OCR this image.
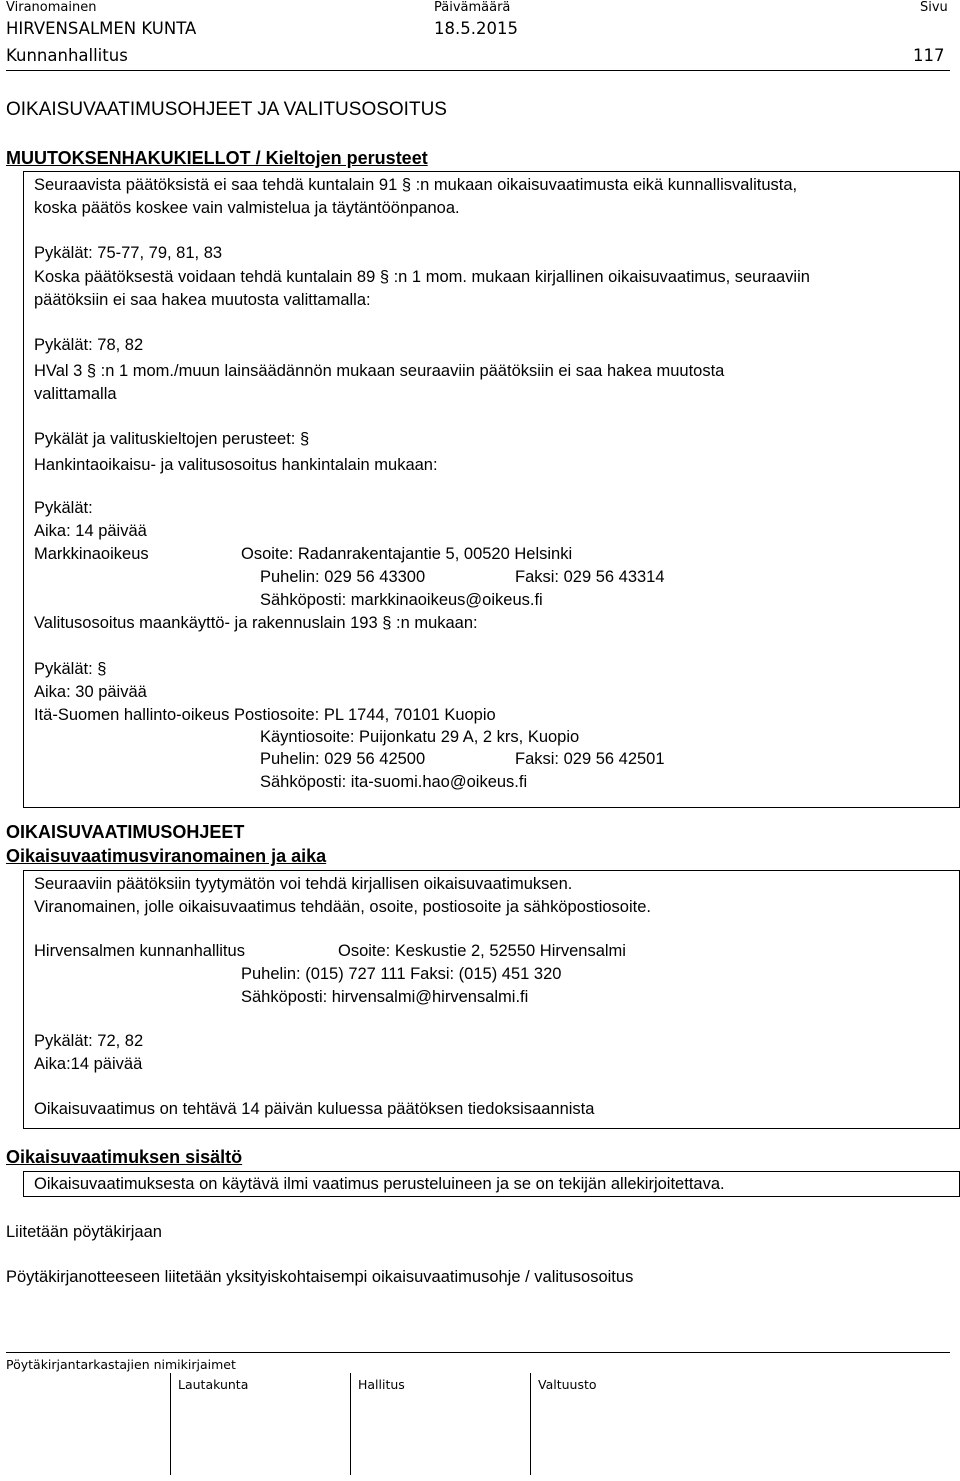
Viranomainen	Päivämäärä	Sivu
HIRVENSALMEN KUNTA	18.5.2015
Kunnanhallitus	117
OIKAISUVAATIMUSOHJEET JA VALITUSOSOITUS
MUUTOKSENHAKUKIELLOT / Kieltojen perusteet
Seuraavista päätöksistä ei saa tehdä kuntalain 91 § :n mukaan oikaisuvaatimusta eikä kunnallisvalitusta,
koska päätös koskee vain valmistelua ja täytäntöönpanoa.
Pykälät: 75-77, 79, 81, 83
Koska päätöksestä voidaan tehdä kuntalain 89 § :n 1 mom. mukaan kirjallinen oikaisuvaatimus, seuraaviin
päätöksiin ei saa hakea muutosta valittamalla:
Pykälät: 78, 82
HVal 3 § :n 1 mom./muun lainsäädännön mukaan seuraaviin päätöksiin ei saa hakea muutosta
valittamalla
Pykälät ja valituskieltojen perusteet: §
Hankintaoikaisu- ja valitusosoitus hankintalain mukaan:
Pykälät:
Aika: 14 päivää
Markkinaoikeus	Osoite: Radanrakentajantie 5, 00520 Helsinki
Puhelin: 029 56 43300	Faksi: 029 56 43314
Sähköposti: markkinaoikeus@oikeus.fi
Valitusosoitus maankäyttö- ja rakennuslain 193 § :n mukaan:
Pykälät: §
Aika: 30 päivää
Itä-Suomen hallinto-oikeus Postiosoite: PL 1744, 70101 Kuopio
Käyntiosoite: Puijonkatu 29 A, 2 krs, Kuopio
Puhelin: 029 56 42500	Faksi: 029 56 42501
Sähköposti: ita-suomi.hao@oikeus.fi
OIKAISUVAATIMUSOHJEET
Oikaisuvaatimusviranomainen ja aika
Seuraaviin päätöksiin tyytymätön voi tehdä kirjallisen oikaisuvaatimuksen.
Viranomainen, jolle oikaisuvaatimus tehdään, osoite, postiosoite ja sähköpostiosoite.
Hirvensalmen kunnanhallitus	Osoite: Keskustie 2, 52550 Hirvensalmi
Puhelin: (015) 727 111 Faksi: (015) 451 320
Sähköposti: hirvensalmi@hirvensalmi.fi
Pykälät: 72, 82
Aika:14 päivää
Oikaisuvaatimus on tehtävä 14 päivän kuluessa päätöksen tiedoksisaannista
Oikaisuvaatimuksen sisältö
Oikaisuvaatimuksesta on käytävä ilmi vaatimus perusteluineen ja se on tekijän allekirjoitettava.
Liitetään pöytäkirjaan
Pöytäkirjanotteeseen liitetään yksityiskohtaisempi oikaisuvaatimusohje / valitusosoitus
Pöytäkirjantarkastajien nimikirjaimet
Lautakunta	Hallitus	Valtuusto
